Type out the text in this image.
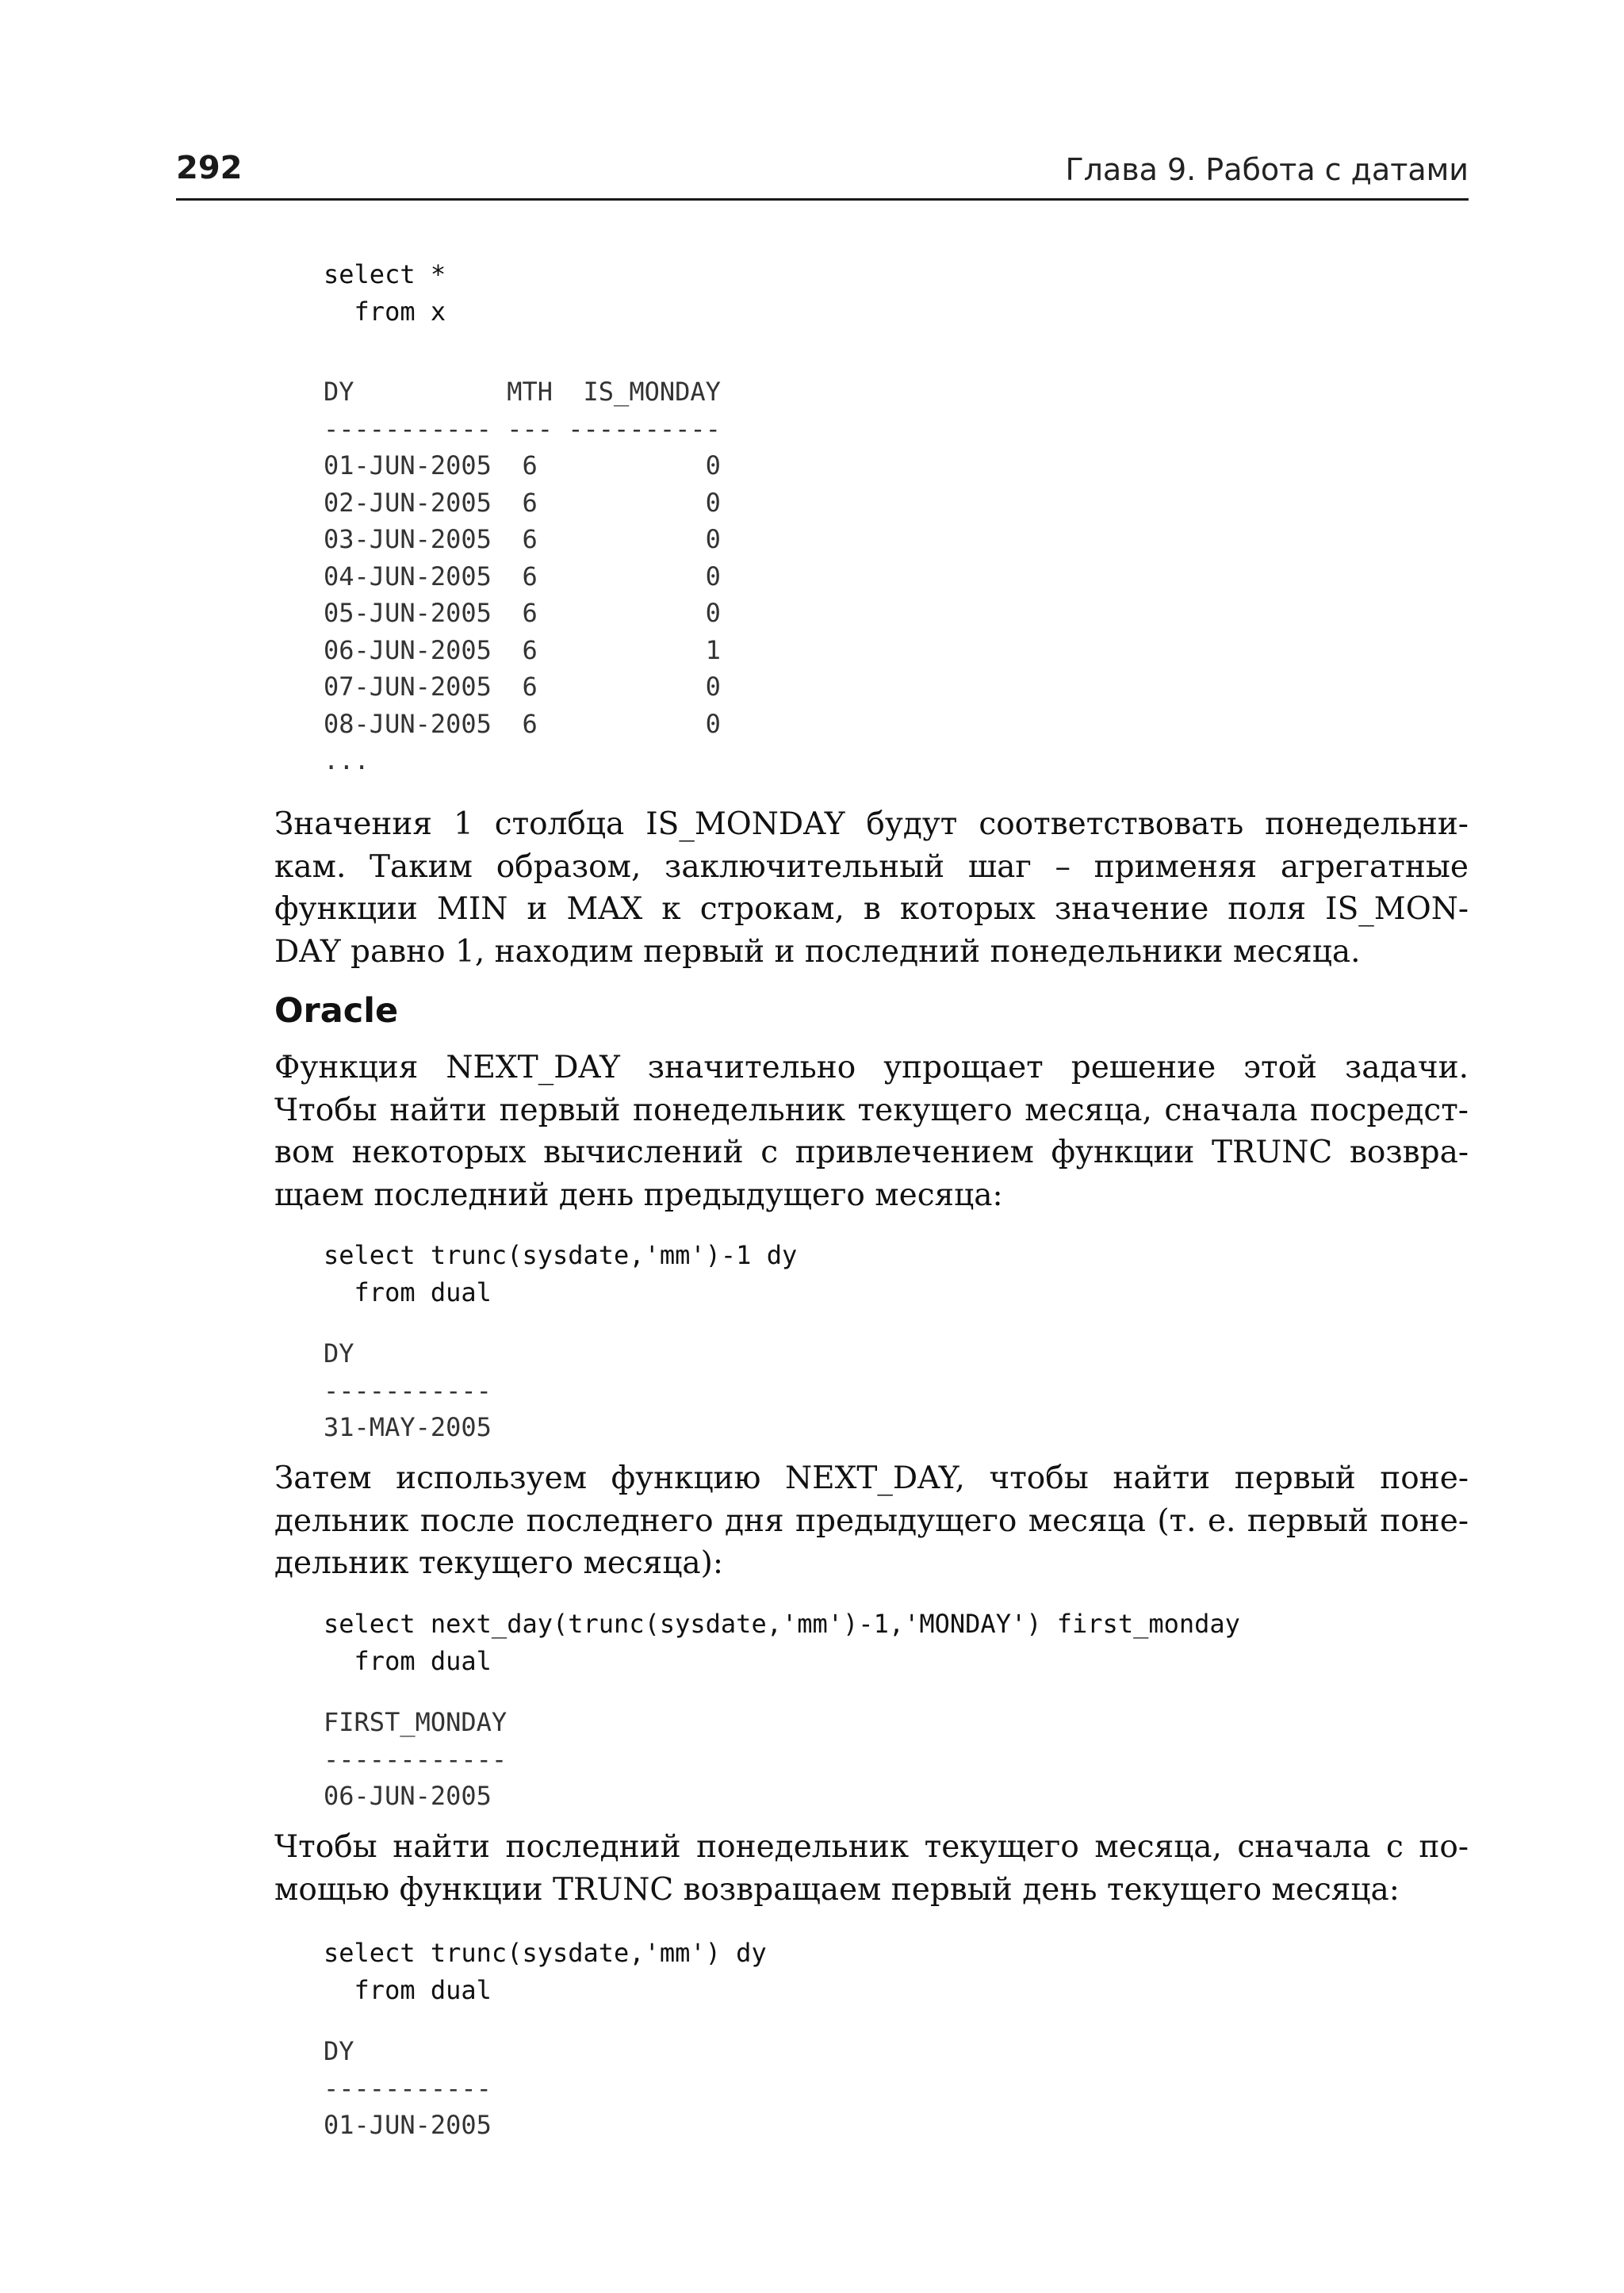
292	Глава 9. Работа с датами
select *
from x
DY          MTH  IS_MONDAY
----------- --- ----------
01-JUN-2005  6           0
02-JUN-2005  6           0
03-JUN-2005  6           0
04-JUN-2005  6           0
05-JUN-2005  6           0
06-JUN-2005  6           1
07-JUN-2005  6           0
08-JUN-2005  6           0
...
Значения 1 столбца IS_MONDAY будут соответствовать понедельни-
кам. Таким образом, заключительный шаг – применяя агрегатные
функции MIN и MAX к строкам, в которых значение поля IS_MON-
DAY равно 1, находим первый и последний понедельники месяца.
Oracle
Функция NEXT_DAY значительно упрощает решение этой задачи.
Чтобы найти первый понедельник текущего месяца, сначала посредст-
вом некоторых вычислений с привлечением функции TRUNC возвра-
щаем последний день предыдущего месяца:
select trunc(sysdate,'mm')-1 dy
from dual
DY
-----------
31-MAY-2005
Затем используем функцию NEXT_DAY, чтобы найти первый поне-
дельник после последнего дня предыдущего месяца (т. е. первый поне-
дельник текущего месяца):
select next_day(trunc(sysdate,'mm')-1,'MONDAY') first_monday
from dual
FIRST_MONDAY
------------
06-JUN-2005
Чтобы найти последний понедельник текущего месяца, сначала с по-
мощью функции TRUNC возвращаем первый день текущего месяца:
select trunc(sysdate,'mm') dy
from dual
DY
-----------
01-JUN-2005
